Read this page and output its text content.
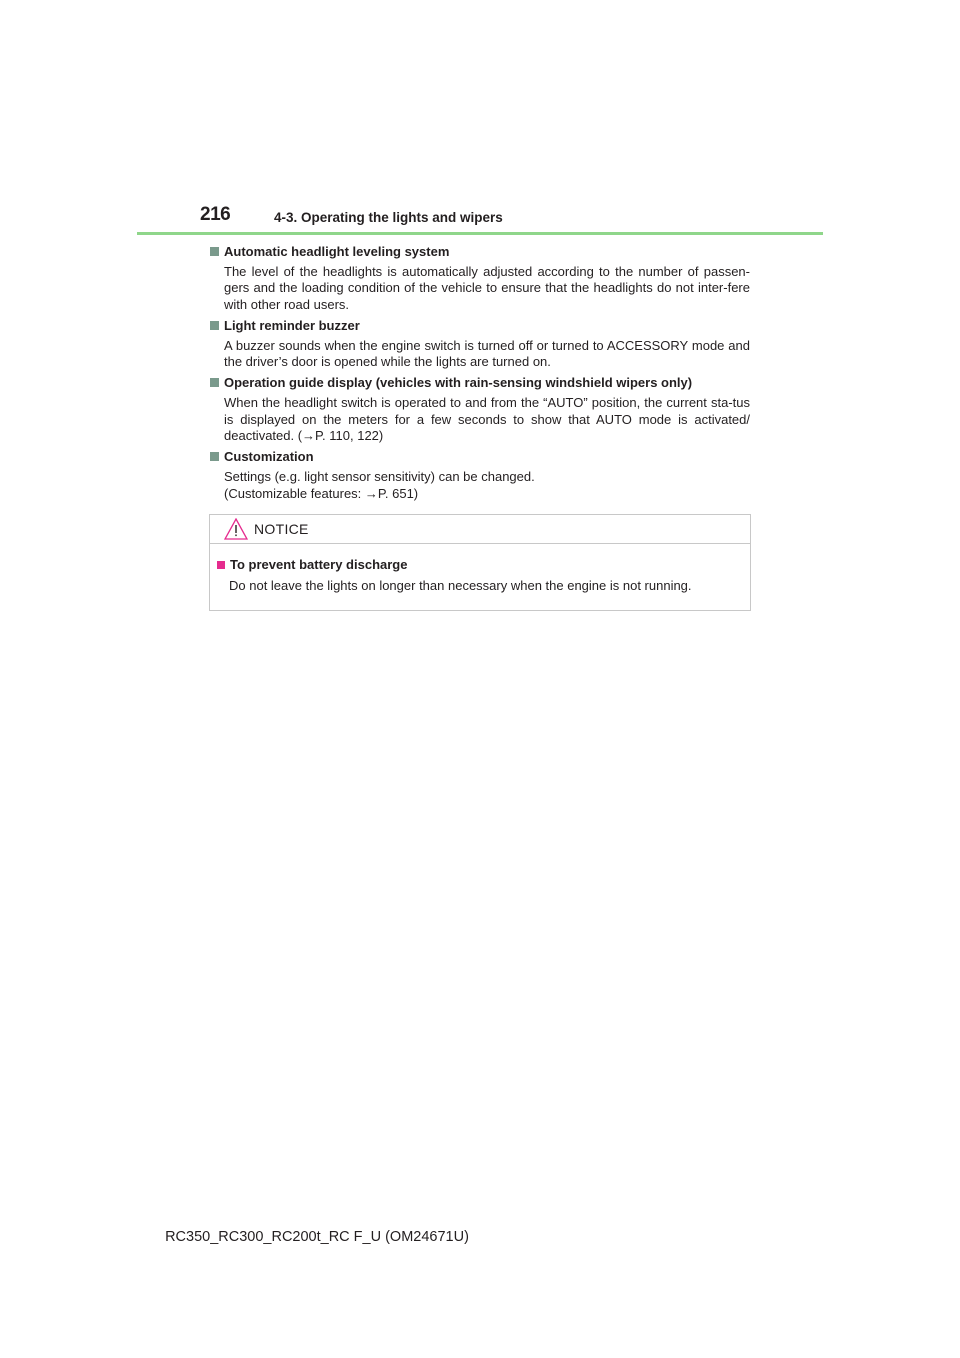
216	4-3. Operating the lights and wipers
Automatic headlight leveling system

The level of the headlights is automatically adjusted according to the number of passen-gers and the loading condition of the vehicle to ensure that the headlights do not inter-fere with other road users.

Light reminder buzzer

A buzzer sounds when the engine switch is turned off or turned to ACCESSORY mode and the driver’s door is opened while the lights are turned on.

Operation guide display (vehicles with rain-sensing windshield wipers only)

When the headlight switch is operated to and from the “AUTO” position, the current sta-tus is displayed on the meters for a few seconds to show that AUTO mode is activated/ deactivated. (→P. 110, 122)

Customization

Settings (e.g. light sensor sensitivity) can be changed.

(Customizable features: →P. 651)

NOTICE
To prevent battery discharge
Do not leave the lights on longer than necessary when the engine is not running.
RC350_RC300_RC200t_RC F_U (OM24671U)
